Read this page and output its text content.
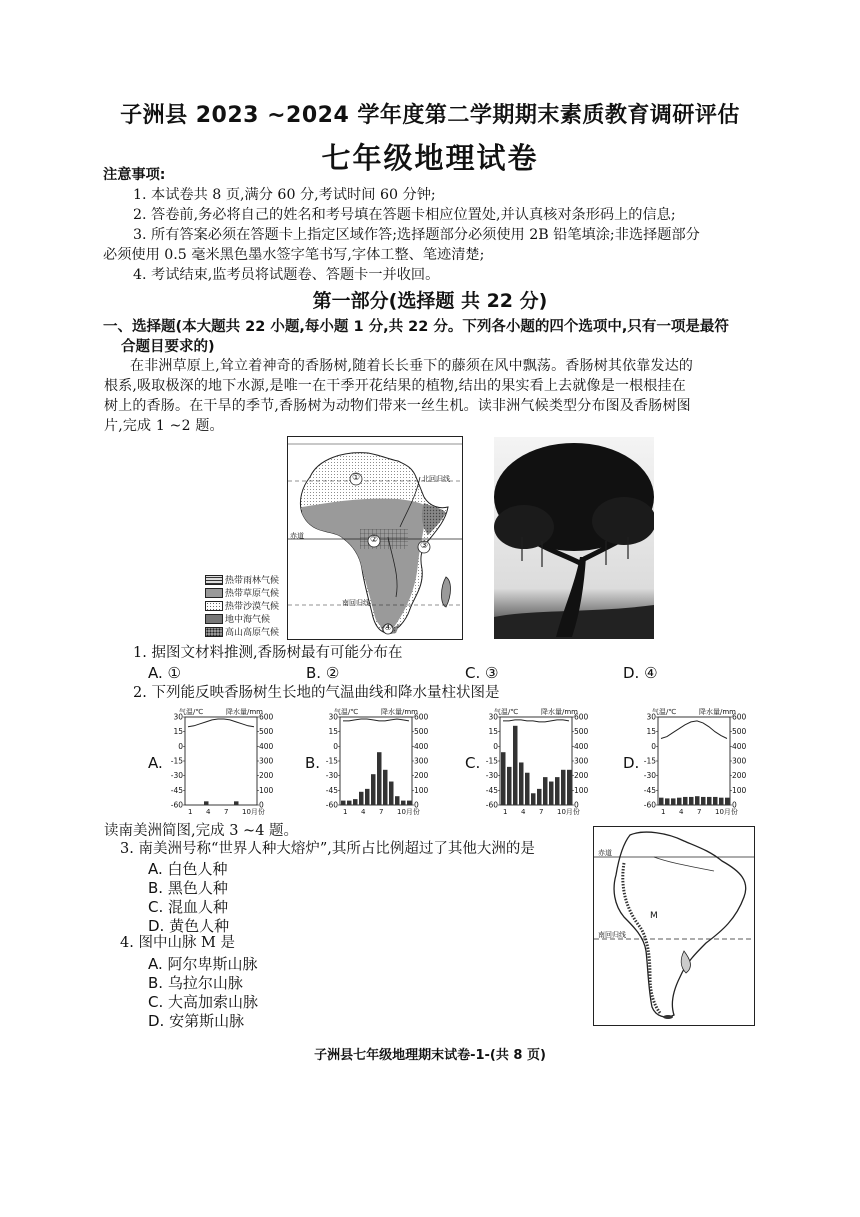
子洲县 2023 ~2024 学年度第二学期期末素质教育调研评估
七年级地理试卷
注意事项:
1. 本试卷共 8 页,满分 60 分,考试时间 60 分钟;
2. 答卷前,务必将自己的姓名和考号填在答题卡相应位置处,并认真核对条形码上的信息;
3. 所有答案必须在答题卡上指定区域作答;选择题部分必须使用 2B 铅笔填涂;非选择题部分
必须使用 0.5 毫米黑色墨水签字笔书写,字体工整、笔迹清楚;
4. 考试结束,监考员将试题卷、答题卡一并收回。
第一部分(选择题 共 22 分)
一、选择题(本大题共 22 小题,每小题 1 分,共 22 分。下列各小题的四个选项中,只有一项是最符
合题目要求的)
在非洲草原上,耸立着神奇的香肠树,随着长长垂下的藤须在风中飘荡。香肠树其依靠发达的
根系,吸取极深的地下水源,是唯一在干季开花结果的植物,结出的果实看上去就像是一根根挂在
树上的香肠。在干旱的季节,香肠树为动物们带来一丝生机。读非洲气候类型分布图及香肠树图
片,完成 1 ~2 题。
①
②
③
④
北回归线
赤道
南回归线
热带雨林气候
热带草原气候
热带沙漠气候
地中海气候
高山高原气候
1. 据图文材料推测,香肠树最有可能分布在
A. ①	B. ②	C. ③	D. ④
2. 下列能反映香肠树生长地的气温曲线和降水量柱状图是
A.	B.	C.	D.
30
15
0
-15
-30
-45
-60
600
500
400
300
200
100
0
气温/℃	降水量/mm
1 4 7 10月份
30
15
0
-15
-30
-45
-60
600
500
400
300
200
100
0
气温/℃	降水量/mm
1 4 7 10月份
30
15
0
-15
-30
-45
-60
600
500
400
300
200
100
0
气温/℃	降水量/mm
1 4 7 10月份
30
15
0
-15
-30
-45
-60
600
500
400
300
200
100
0
气温/℃	降水量/mm
1 4 7 10月份
读南美洲简图,完成 3 ~4 题。
3. 南美洲号称“世界人种大熔炉”,其所占比例超过了其他大洲的是
A. 白色人种
B. 黑色人种
C. 混血人种
D. 黄色人种
4. 图中山脉 M 是
A. 阿尔卑斯山脉
B. 乌拉尔山脉
C. 大高加索山脉
D. 安第斯山脉
赤道
南回归线
M
子洲县七年级地理期末试卷-1-(共 8 页)
